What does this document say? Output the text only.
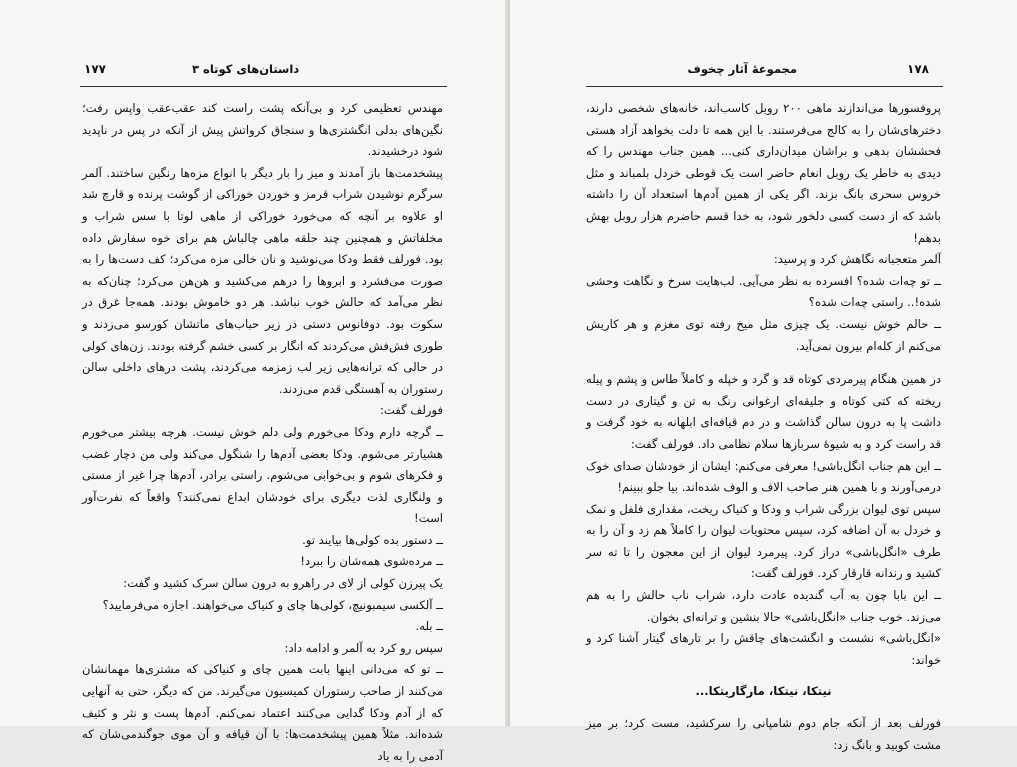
۱۷۷	داستان‌های کوتاه ۳

مهندس تعظیمی کرد و بی‌آنکه پشت راست کند عقب‌عقب واپس رفت؛ نگین‌های بدلی انگشتری‌ها و سنجاق کرواتش پیش از آنکه در پس در ناپدید شود درخشیدند.

پیشخدمت‌ها باز آمدند و میز را بار دیگر با انواع مزه‌ها رنگین ساختند. آلمر سرگرم نوشیدن شراب قرمز و خوردن خوراکی از گوشت پرنده و قارچ شد او علاوه بر آنچه که می‌خورد خوراکی از ماهی لوتا با سس شراب و مخلفاتش و همچنین چند حلقه ماهی چالباش هم برای خوه سفارش داده بود. فورلف فقط ودکا می‌نوشید و نان خالی مزه می‌کرد؛ کف دست‌ها را به صورت می‌فشرد و ابروها را درهم می‌کشید و هن‌هن می‌کرد؛ چنان‌که به نظر می‌آمد که حالش خوب نباشد. هر دو خاموش بودند. همه‌جا غرق در سکوت بود. دوفانوس دستی در زیر حباب‌های ماتشان کورسو می‌زدند و طوری فش‌فش می‌کردند که انگار بر کسی خشم گرفته بودند. زن‌های کولی در حالی که ترانه‌هایی زیر لب زمزمه می‌کردند، پشت درهای داخلی سالن رستوران به آهستگی قدم می‌زدند.

فورلف گفت:

ــ گرچه دارم ودکا می‌خورم ولی دلم خوش نیست. هرچه بیشتر می‌خورم هشیارتر می‌شوم. ودکا بعضی آدم‌ها را شنگول می‌کند ولی من دچار غضب و فکرهای شوم و بی‌خوابی می‌شوم. راستی برادر، آدم‌ها چرا غیر از مستی و ولنگاری لذت دیگری برای خودشان ابداع نمی‌کنند؟ واقعاً که نفرت‌آور است!

ــ دستور بده کولی‌ها بیایند تو.

ــ مرده‌شوی همه‌شان را ببرد!

یک پیرزن کولی از لای در راهرو به درون سالن سرک کشید و گفت:

ــ آلکسی سیمبونیچ، کولی‌ها چای و کنیاک می‌خواهند. اجازه می‌فرمایید؟

ــ بله.

سپس رو کرد به آلمر و ادامه داد:

ــ تو که می‌دانی اینها بابت همین چای و کنیاکی که مشتری‌ها مهمانشان می‌کنند از صاحب رستوران کمیسیون می‌گیرند. من که دیگر، حتی به آنهایی که از آدم ودکا گدایی می‌کنند اعتماد نمی‌کنم. آدم‌ها پست و نثر و کثیف شده‌اند. مثلاً همین پیشخدمت‌ها: با آن قیافه و آن موی جوگندمی‌شان که آدمی را به یاد

۱۷۸
مجموعهٔ آثار چخوف

پروفسورها می‌اندازند ماهی ۲۰۰ روبل کاسب‌اند، خانه‌های شخصی دارند، دخترهای‌شان را به کالج می‌فرستند. با این همه تا دلت بخواهد آزاد هستی فحششان بدهی و براشان میدان‌داری کنی... همین جناب مهندس را که دیدی به خاطر یک روبل انعام حاضر است یک قوطی خردل بلمباند و مثل خروس سحری بانگ بزند. اگر یکی از همین آدم‌ها استعداد آن را داشته باشد که از دست کسی دلخور شود، به خدا قسم حاضرم هزار روبل بهش بدهم!

آلمر متعجبانه نگاهش کرد و پرسید:

ــ تو چه‌ات شده؟ افسرده به نظر می‌آیی. لب‌هایت سرخ و نگاهت وحشی شده!.. راستی چه‌ات شده؟

ــ حالم خوش نیست. یک چیزی مثل میخ رفته توی مغزم و هر کاریش می‌کنم از کله‌ام بیرون نمی‌آید.

در همین هنگام پیرمردی کوتاه قد و گرد و خپله و کاملاً طاس و پشم و پیله ریخته که کتی کوتاه و جلیقه‌ای ارغوانی رنگ به تن و گیتاری در دست داشت پا به درون سالن گذاشت و در دم قیافه‌ای ابلهانه به خود گرفت و قد راست کرد و به شیوهٔ سربازها سلام نظامی داد. فورلف گفت:

ــ این هم جناب انگل‌باشی! معرفی می‌کنم: ایشان از خودشان صدای خوک درمی‌آورند و با همین هنر صاحب الاف و الوف شده‌اند. بیا جلو ببینم!

سپس توی لیوان بزرگی شراب و ودکا و کنیاک ریخت، مقداری فلفل و نمک و خردل به آن اضافه کرد، سپس محتویات لیوان را کاملاً هم زد و آن را به طرف «انگل‌باشی» دراز کرد. پیرمرد لیوان از این معجون را تا ته سر کشید و رندانه قارقار کرد. فورلف گفت:

ــ این بابا چون به آب گندیده عادت دارد، شراب ناب حالش را به هم می‌زند. خوب جناب «انگل‌باشی» حالا بنشین و ترانه‌ای بخوان.

«انگل‌باشی» نشست و انگشت‌های چاقش را بر تارهای گیتار آشنا کرد و خواند:

نیتکا، نیتکا، مارگاریتکا...

فورلف بعد از آنکه جام دوم شامپانی را سرکشید، مست کرد؛ بر میز مشت کوبید و بانگ زد:
